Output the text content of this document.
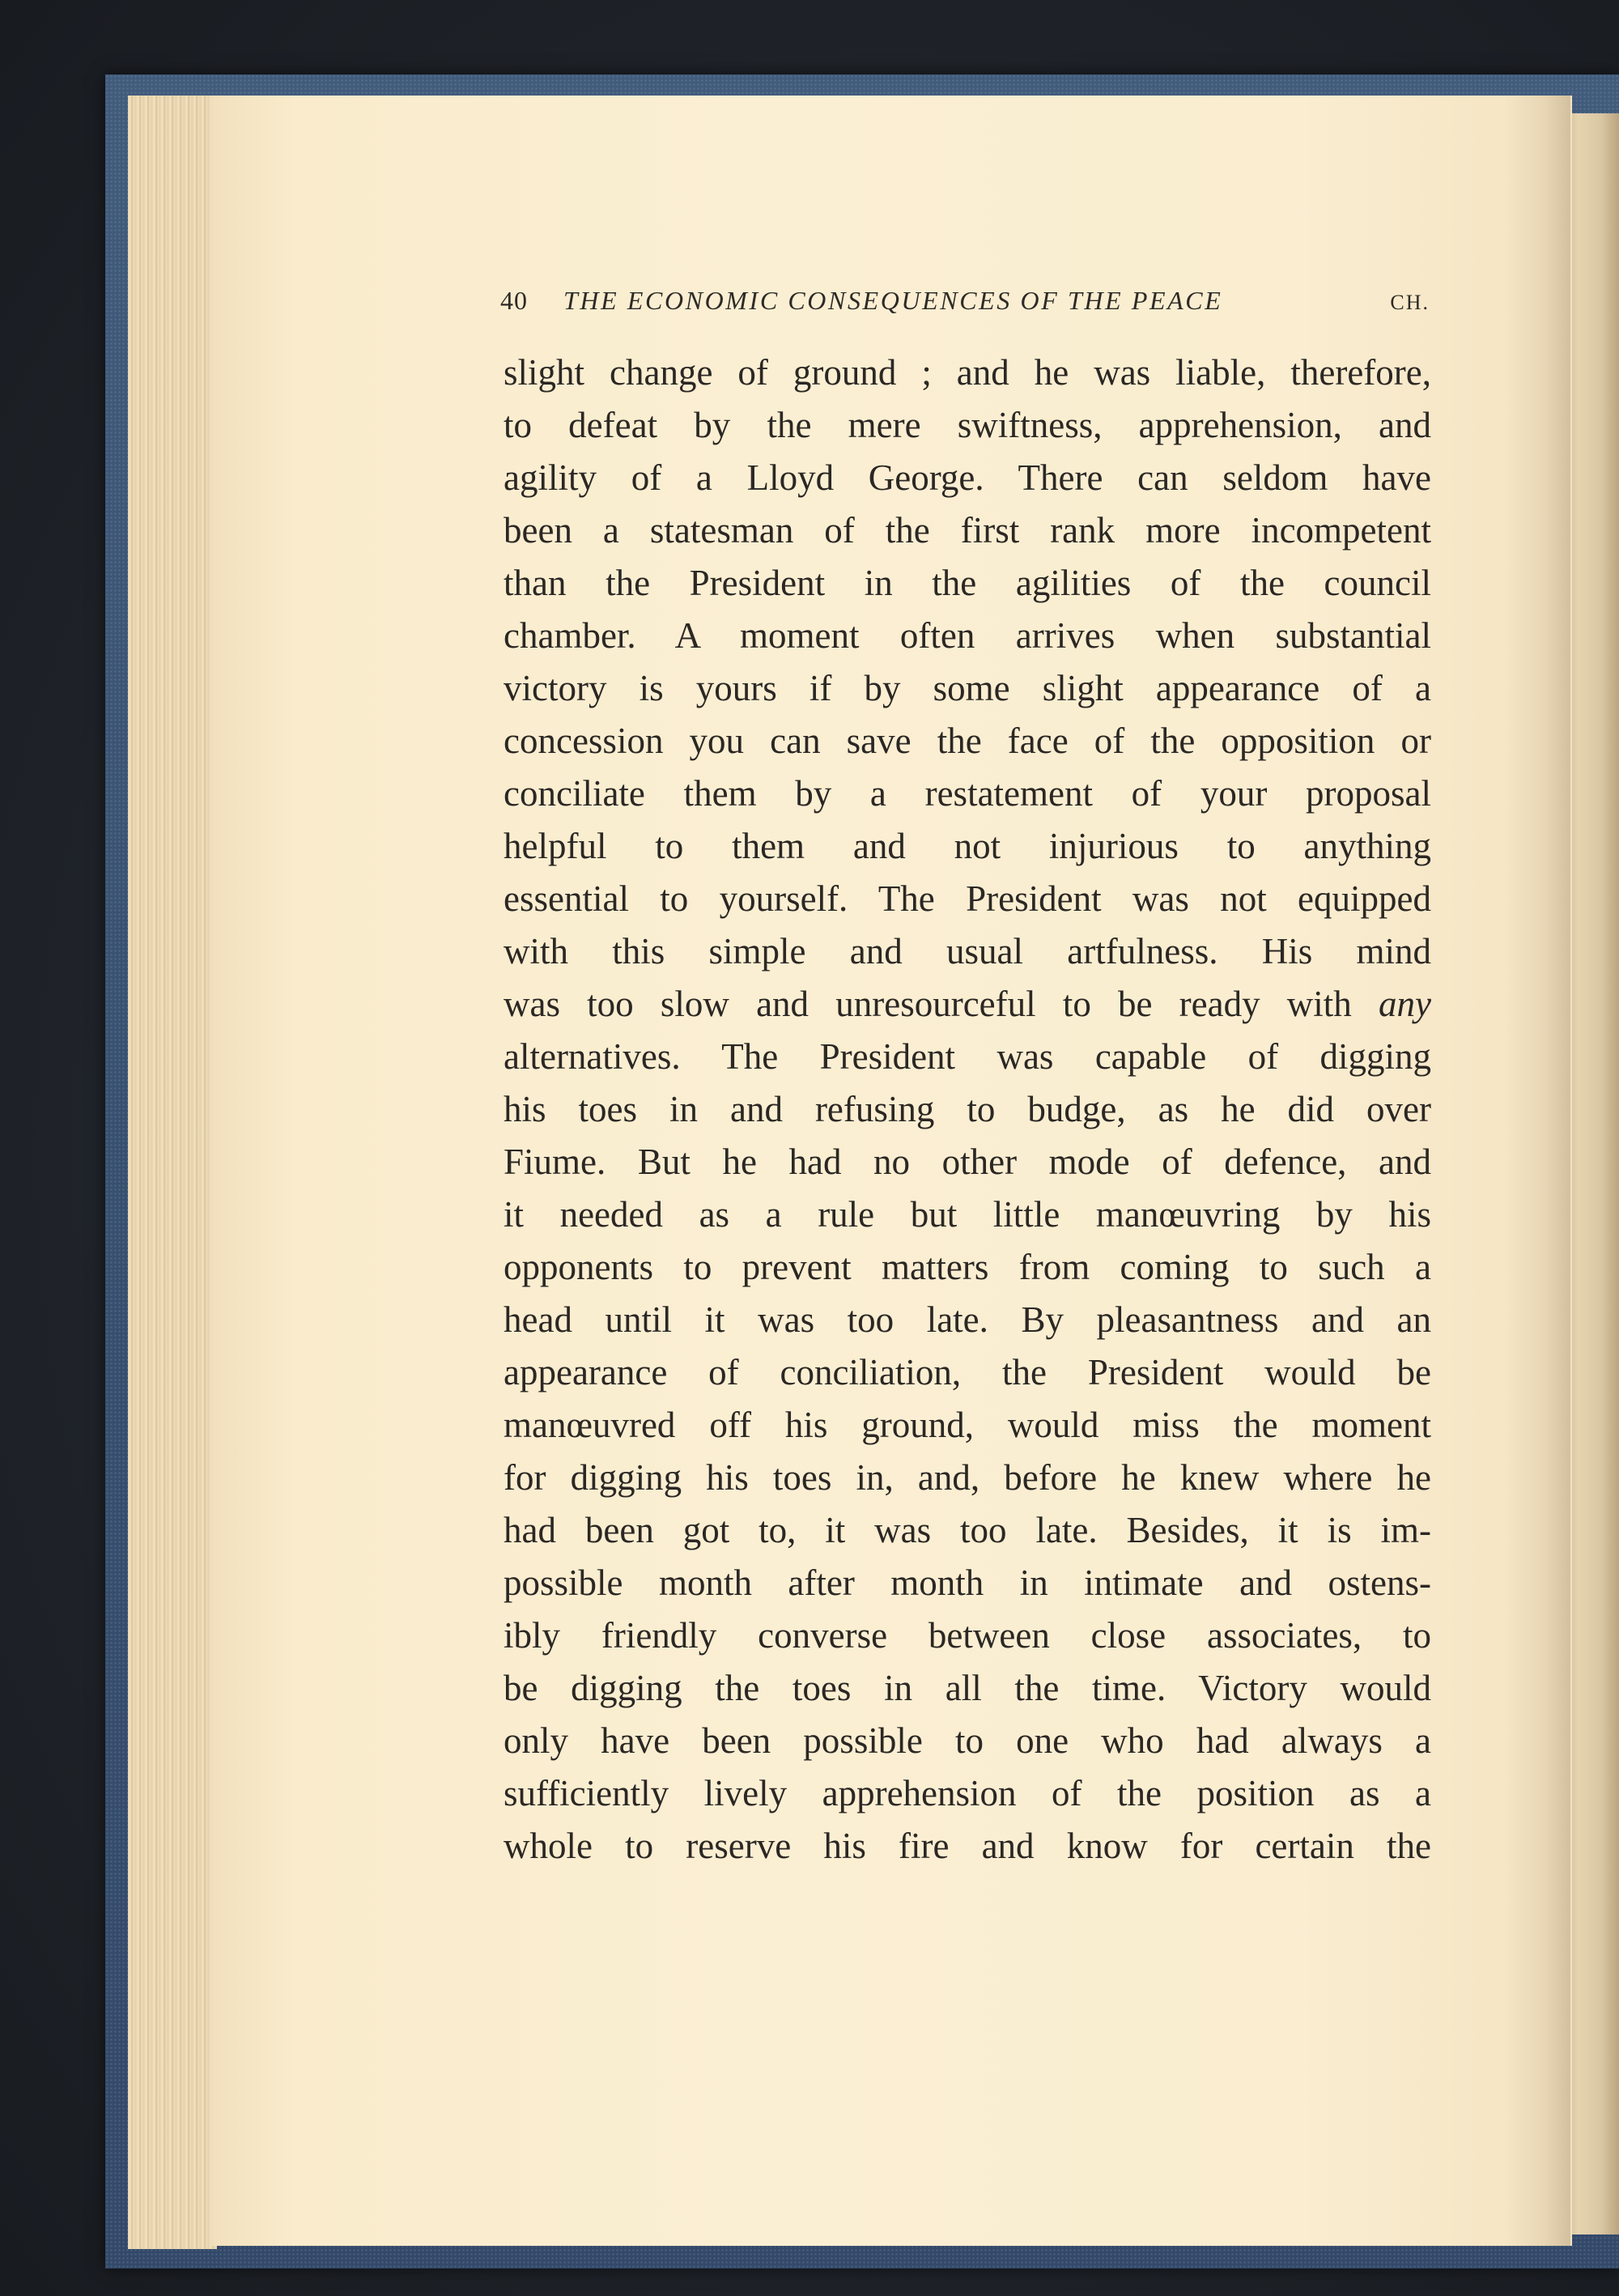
40 THE ECONOMIC CONSEQUENCES OF THE PEACE	CH.
slight change of ground ; and he was liable, therefore,
to defeat by the mere swiftness, apprehension, and
agility of a Lloyd George. There can seldom have
been a statesman of the first rank more incompetent
than the President in the agilities of the council
chamber. A moment often arrives when substantial
victory is yours if by some slight appearance of a
concession you can save the face of the opposition or
conciliate them by a restatement of your proposal
helpful to them and not injurious to anything
essential to yourself. The President was not equipped
with this simple and usual artfulness. His mind
was too slow and unresourceful to be ready with any
alternatives. The President was capable of digging
his toes in and refusing to budge, as he did over
Fiume. But he had no other mode of defence, and
it needed as a rule but little manœuvring by his
opponents to prevent matters from coming to such a
head until it was too late. By pleasantness and an
appearance of conciliation, the President would be
manœuvred off his ground, would miss the moment
for digging his toes in, and, before he knew where he
had been got to, it was too late. Besides, it is im-
possible month after month in intimate and ostens-
ibly friendly converse between close associates, to
be digging the toes in all the time. Victory would
only have been possible to one who had always a
sufficiently lively apprehension of the position as a
whole to reserve his fire and know for certain the
